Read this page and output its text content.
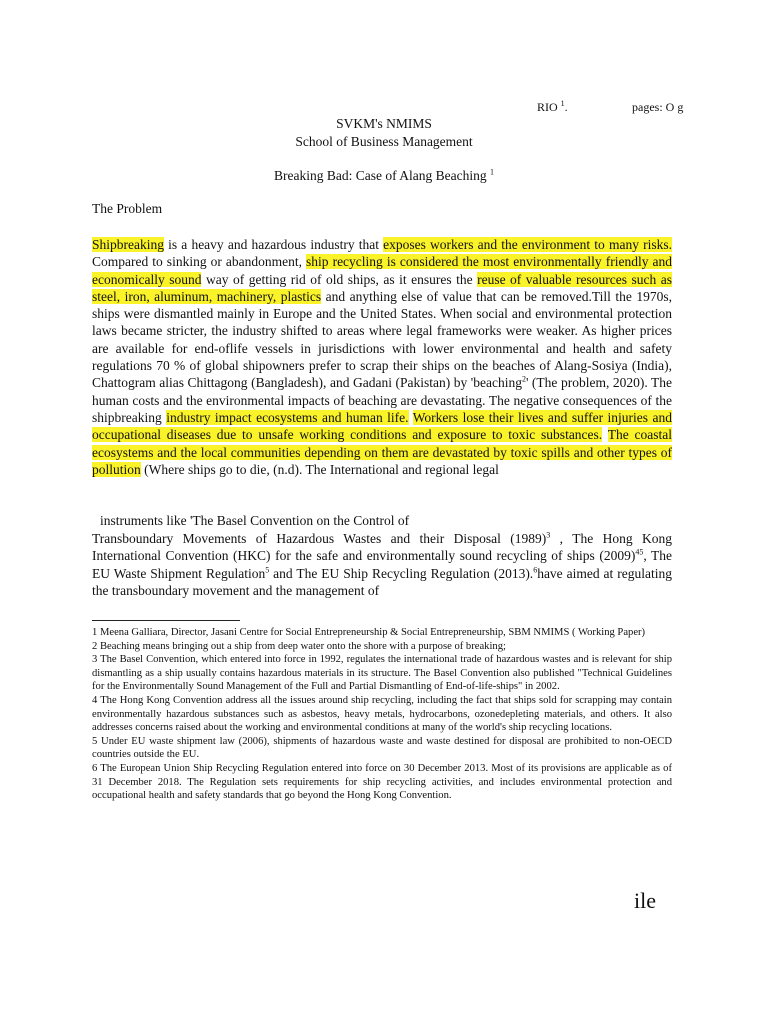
RIO $^1$.	pages: O g
SVKM's NMIMS
School of Business Management
Breaking Bad: Case of Alang Beaching $^1$
The Problem
Shipbreaking is a heavy and hazardous industry that exposes workers and the environment to many risks. Compared to sinking or abandonment, ship recycling is considered the most environmentally friendly and economically sound way of getting rid of old ships, as it ensures the reuse of valuable resources such as steel, iron, aluminum, machinery, plastics and anything else of value that can be removed.Till the 1970s, ships were dismantled mainly in Europe and the United States. When social and environmental protection laws became stricter, the industry shifted to areas where legal frameworks were weaker. As higher prices are available for end-oflife vessels in jurisdictions with lower environmental and health and safety regulations 70 % of global shipowners prefer to scrap their ships on the beaches of Alang-Sosiya (India), Chattogram alias Chittagong (Bangladesh), and Gadani (Pakistan) by 'beaching$^2$' (The problem, 2020). The human costs and the environmental impacts of beaching are devastating. The negative consequences of the shipbreaking industry impact ecosystems and human life. Workers lose their lives and suffer injuries and occupational diseases due to unsafe working conditions and exposure to toxic substances. The coastal ecosystems and the local communities depending on them are devastated by toxic spills and other types of pollution (Where ships go to die, (n.d). The International and regional legal
instruments like 'The Basel Convention on the Control of
Transboundary Movements of Hazardous Wastes and their Disposal $(1989)^3$ , The Hong Kong International Convention (HKC) for the safe and environmentally sound recycling of ships $(2009)^{45}$, The EU Waste Shipment Regulation$^5$ and The EU Ship Recycling Regulation (2013).$^6$have aimed at regulating the transboundary movement and the management of

1 Meena Galliara, Director, Jasani Centre for Social Entrepreneurship & Social Entrepreneurship, SBM NMIMS ( Working Paper)

2 Beaching means bringing out a ship from deep water onto the shore with a purpose of breaking;

3 The Basel Convention, which entered into force in 1992, regulates the international trade of hazardous wastes and is relevant for ship dismantling as a ship usually contains hazardous materials in its structure. The Basel Convention also published "Technical Guidelines for the Environmentally Sound Management of the Full and Partial Dismantling of End-of-life-ships" in 2002.

4 The Hong Kong Convention address all the issues around ship recycling, including the fact that ships sold for scrapping may contain environmentally hazardous substances such as asbestos, heavy metals, hydrocarbons, ozonedepleting materials, and others. It also addresses concerns raised about the working and environmental conditions at many of the world's ship recycling locations.

5 Under EU waste shipment law (2006), shipments of hazardous waste and waste destined for disposal are prohibited to non-OECD countries outside the EU.

6 The European Union Ship Recycling Regulation entered into force on 30 December 2013. Most of its provisions are applicable as of 31 December 2018. The Regulation sets requirements for ship recycling activities, and includes environmental protection and occupational health and safety standards that go beyond the Hong Kong Convention.

ile
